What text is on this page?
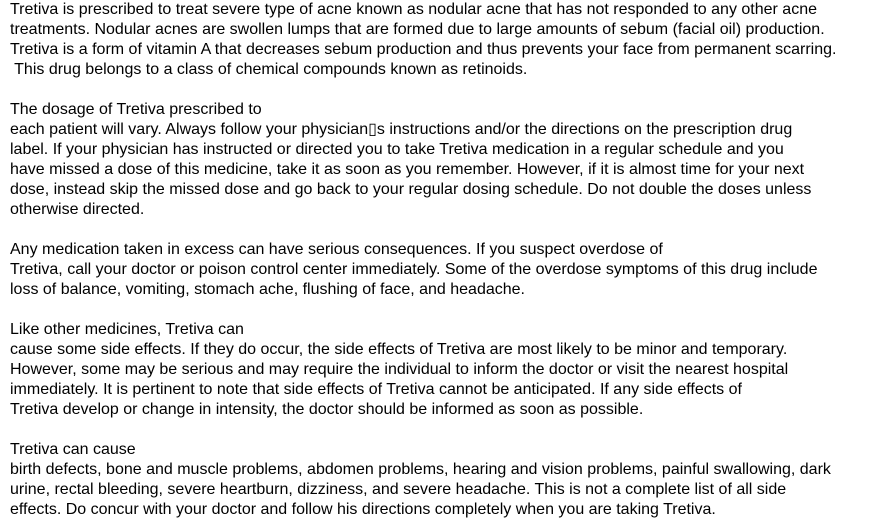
Tretiva is prescribed to treat severe type of acne known as nodular acne that has not responded to any other acne
treatments. Nodular acnes are swollen lumps that are formed due to large amounts of sebum (facial oil) production.
Tretiva is a form of vitamin A that decreases sebum production and thus prevents your face from permanent scarring.
This drug belongs to a class of chemical compounds known as retinoids.
The dosage of Tretiva prescribed to
each patient will vary. Always follow your physician▯s instructions and/or the directions on the prescription drug
label. If your physician has instructed or directed you to take Tretiva medication in a regular schedule and you
have missed a dose of this medicine, take it as soon as you remember. However, if it is almost time for your next
dose, instead skip the missed dose and go back to your regular dosing schedule. Do not double the doses unless
otherwise directed.
Any medication taken in excess can have serious consequences. If you suspect overdose of
Tretiva, call your doctor or poison control center immediately. Some of the overdose symptoms of this drug include
loss of balance, vomiting, stomach ache, flushing of face, and headache.
Like other medicines, Tretiva can
cause some side effects. If they do occur, the side effects of Tretiva are most likely to be minor and temporary.
However, some may be serious and may require the individual to inform the doctor or visit the nearest hospital
immediately. It is pertinent to note that side effects of Tretiva cannot be anticipated. If any side effects of
Tretiva develop or change in intensity, the doctor should be informed as soon as possible.
Tretiva can cause
birth defects, bone and muscle problems, abdomen problems, hearing and vision problems, painful swallowing, dark
urine, rectal bleeding, severe heartburn, dizziness, and severe headache. This is not a complete list of all side
effects. Do concur with your doctor and follow his directions completely when you are taking Tretiva.
